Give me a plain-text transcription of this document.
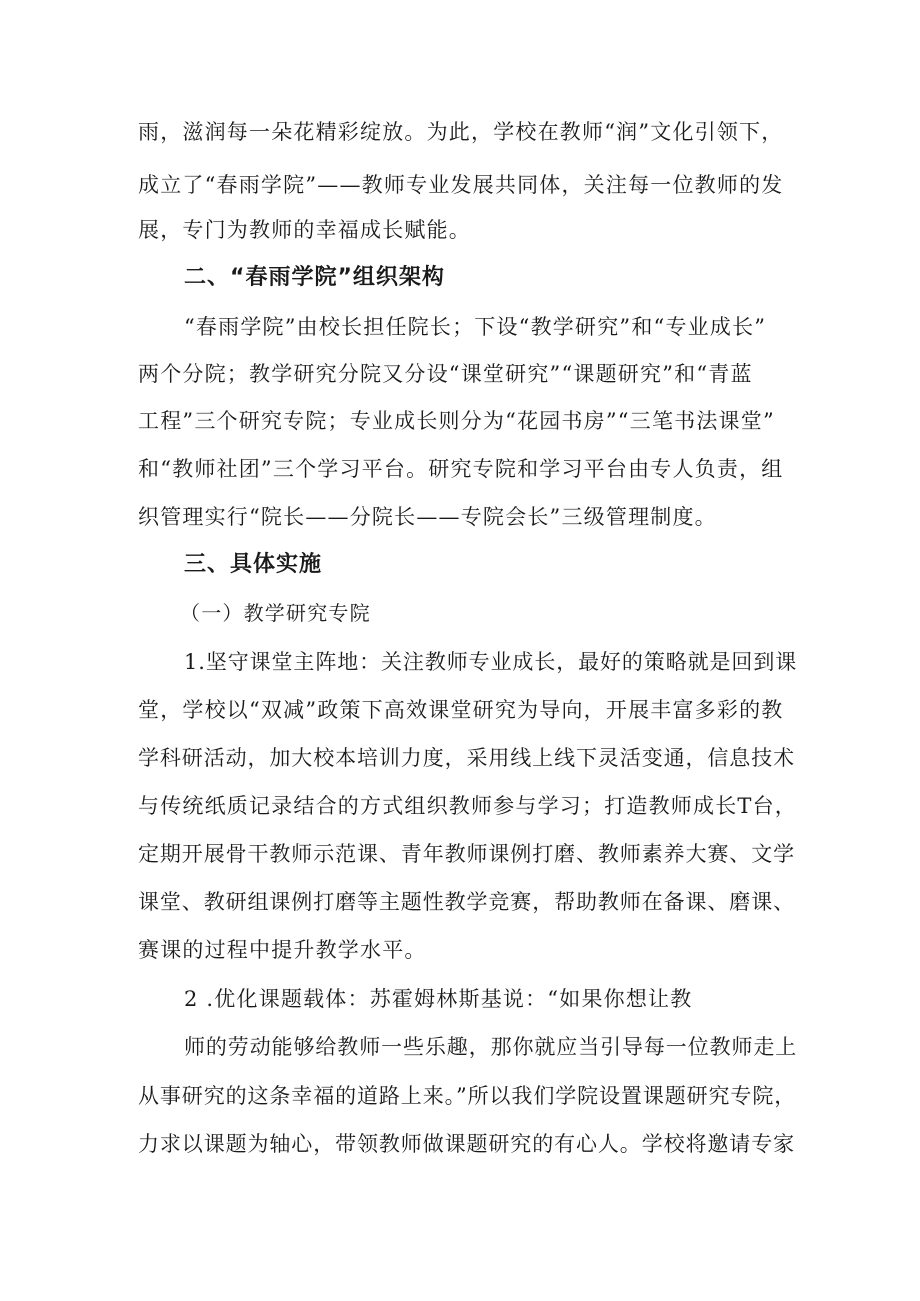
雨，滋润每一朵花精彩绽放。为此，学校在教师“润”文化引领下，
成立了“春雨学院”——教师专业发展共同体，关注每一位教师的发
展，专门为教师的幸福成长赋能。
二、“春雨学院”组织架构
“春雨学院”由校长担任院长；下设“教学研究”和“专业成长”
两个分院；教学研究分院又分设“课堂研究”“课题研究”和“青蓝
工程”三个研究专院；专业成长则分为“花园书房”“三笔书法课堂”
和“教师社团”三个学习平台。研究专院和学习平台由专人负责，组
织管理实行“院长——分院长——专院会长”三级管理制度。
三、具体实施
（一）教学研究专院
1.坚守课堂主阵地：关注教师专业成长，最好的策略就是回到课
堂，学校以“双减”政策下高效课堂研究为导向，开展丰富多彩的教
学科研活动，加大校本培训力度，采用线上线下灵活变通，信息技术
与传统纸质记录结合的方式组织教师参与学习；打造教师成长T台，
定期开展骨干教师示范课、青年教师课例打磨、教师素养大赛、文学
课堂、教研组课例打磨等主题性教学竞赛，帮助教师在备课、磨课、
赛课的过程中提升教学水平。
2 .优化课题载体：苏霍姆林斯基说：“如果你想让教
师的劳动能够给教师一些乐趣，那你就应当引导每一位教师走上
从事研究的这条幸福的道路上来。”所以我们学院设置课题研究专院，
力求以课题为轴心，带领教师做课题研究的有心人。学校将邀请专家
